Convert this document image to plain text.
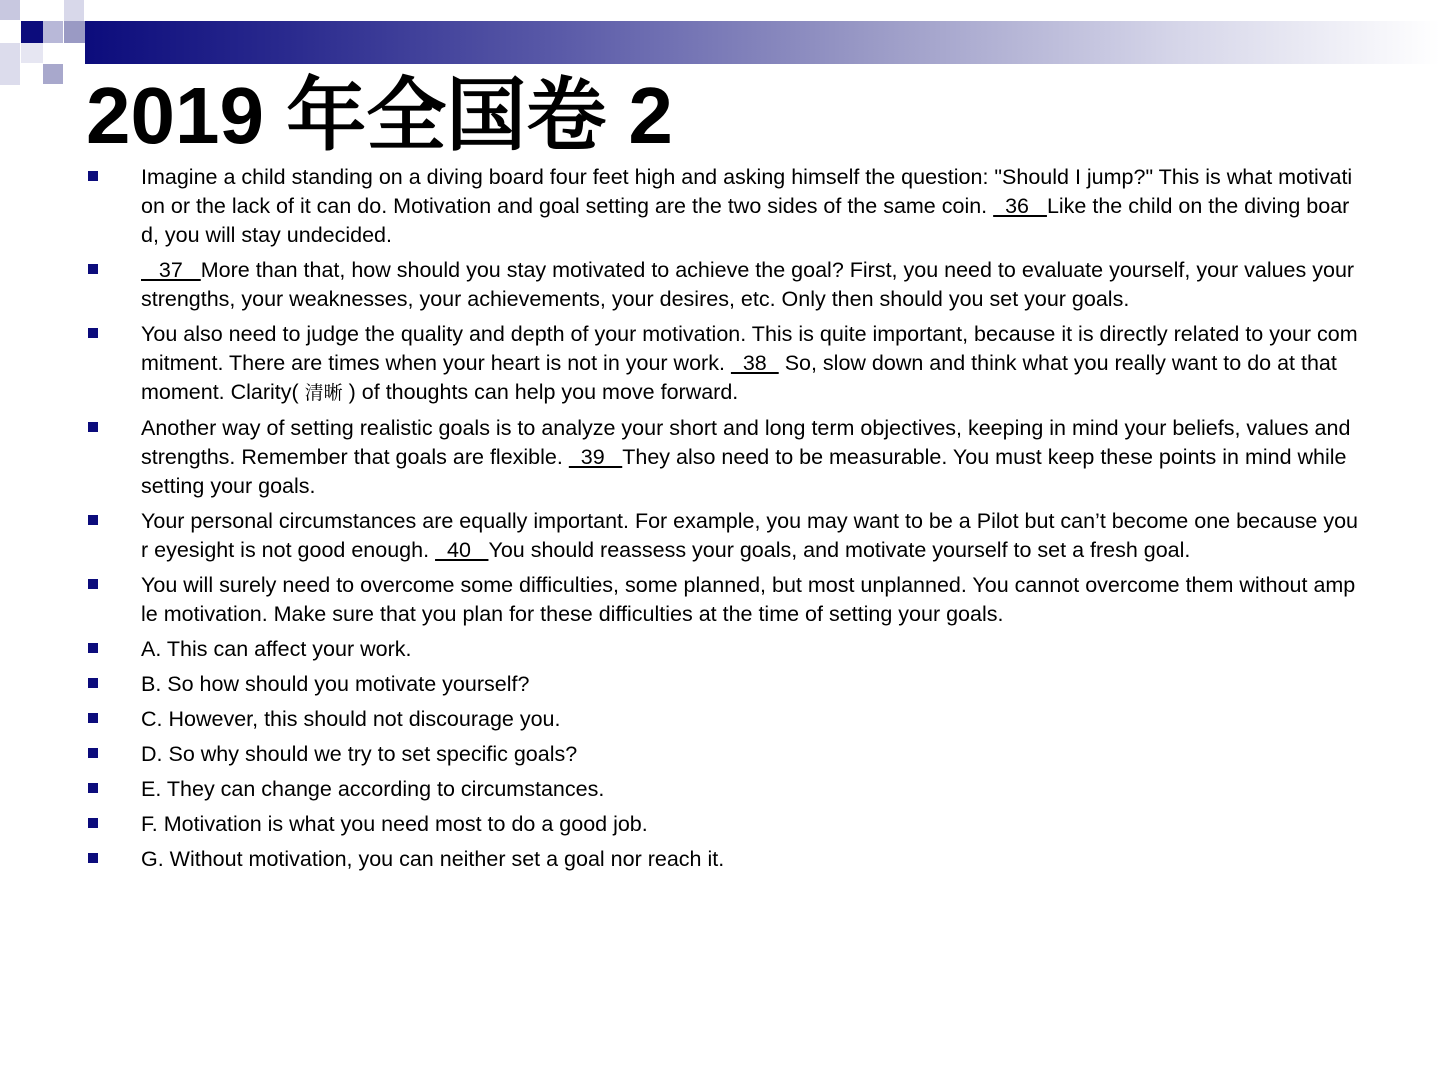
2019 年全国卷 2
Imagine a child standing on a diving board four feet high and asking himself the question: "Should I jump?" This is what motivation or the lack of it can do. Motivation and goal setting are the two sides of the same coin.   36   Like the child on the diving board, you will stay undecided.
37   More than that, how should you stay motivated to achieve the goal? First, you need to evaluate yourself, your values your strengths, your weaknesses, your achievements, your desires, etc. Only then should you set your goals.
You also need to judge the quality and depth of your motivation. This is quite important, because it is directly related to your commitment. There are times when your heart is not in your work.   38   So, slow down and think what you really want to do at that moment. Clarity( 清晰 ) of thoughts can help you move forward.
Another way of setting realistic goals is to analyze your short and long term objectives, keeping in mind your beliefs, values and strengths. Remember that goals are flexible.   39   They also need to be measurable. You must keep these points in mind while setting your goals.
Your personal circumstances are equally important. For example, you may want to be a Pilot but can’t become one because your eyesight is not good enough.   40   You should reassess your goals, and motivate yourself to set a fresh goal.
You will surely need to overcome some difficulties, some planned, but most unplanned. You cannot overcome them without ample motivation. Make sure that you plan for these difficulties at the time of setting your goals.
A. This can affect your work.
B. So how should you motivate yourself?
C. However, this should not discourage you.
D. So why should we try to set specific goals?
E. They can change according to circumstances.
F. Motivation is what you need most to do a good job.
G. Without motivation, you can neither set a goal nor reach it.
